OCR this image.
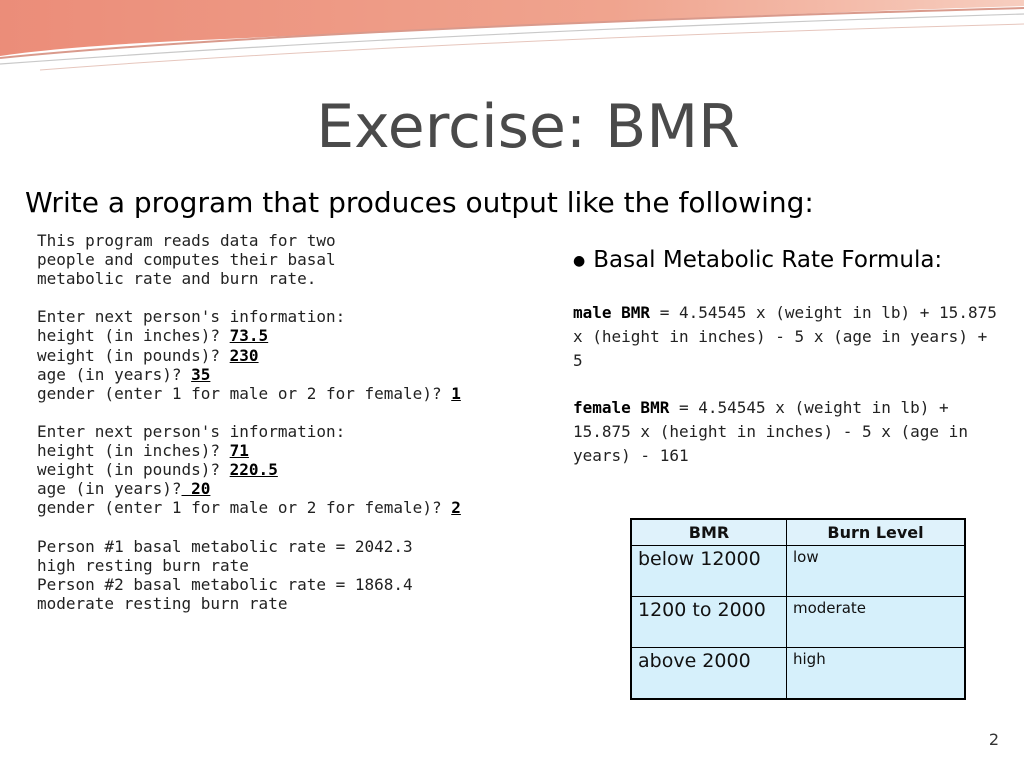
Exercise: BMR
Write a program that produces output like the following:
This program reads data for two
people and computes their basal
metabolic rate and burn rate.
Enter next person's information:
height (in inches)? 73.5
weight (in pounds)? 230
age (in years)? 35
gender (enter 1 for male or 2 for female)? 1
Enter next person's information:
height (in inches)? 71
weight (in pounds)? 220.5
age (in years)? 20
gender (enter 1 for male or 2 for female)? 2
Person #1 basal metabolic rate = 2042.3
high resting burn rate
Person #2 basal metabolic rate = 1868.4
moderate resting burn rate
● Basal Metabolic Rate Formula:
male BMR = 4.54545 x (weight in lb) + 15.875 x (height in inches) - 5 x (age in years) + 5
female BMR = 4.54545 x (weight in lb) + 15.875 x (height in inches) - 5 x (age in years) - 161
BMR	Burn Level
below 12000	low
1200 to 2000	moderate
above 2000	high
2
